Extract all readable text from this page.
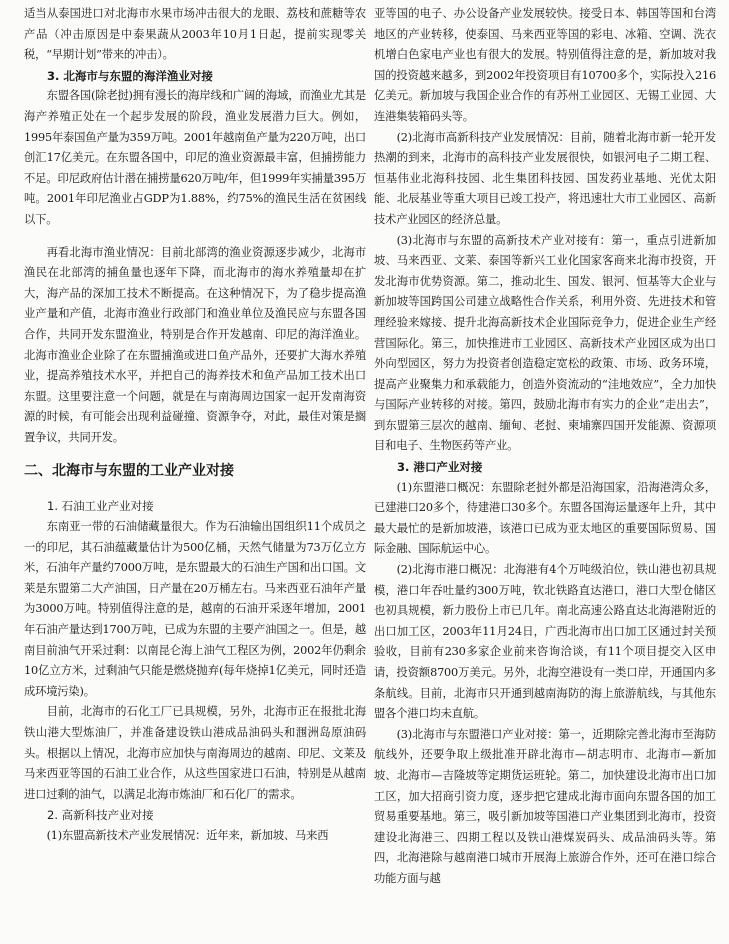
适当从泰国进口对北海市水果市场冲击很大的龙眼、荔枝和蔗糖等农产品（冲击原因是中泰果蔬从2003年10月1日起，提前实现零关税，“早期计划”带来的冲击）。

3. 北海市与东盟的海洋渔业对接

东盟各国(除老挝)拥有漫长的海岸线和广阔的海域，而渔业尤其是海产养殖正处在一个起步发展的阶段，渔业发展潜力巨大。例如，1995年泰国鱼产量为359万吨。2001年越南鱼产量为220万吨，出口创汇17亿美元。在东盟各国中，印尼的渔业资源最丰富，但捕捞能力不足。印尼政府估计潜在捕捞量620万吨/年，但1999年实捕量395万吨。2001年印尼渔业占GDP为1.88%，约75%的渔民生活在贫困线以下。

再看北海市渔业情况：目前北部湾的渔业资源逐步减少，北海市渔民在北部湾的捕鱼量也逐年下降，而北海市的海水养殖量却在扩大，海产品的深加工技术不断提高。在这种情况下，为了稳步提高渔业产量和产值，北海市渔业行政部门和渔业单位及渔民应与东盟各国合作，共同开发东盟渔业，特别是合作开发越南、印尼的海洋渔业。北海市渔业企业除了在东盟捕渔或进口鱼产品外，还要扩大海水养殖业，提高养殖技术水平，并把自己的海养技术和鱼产品加工技术出口东盟。这里要注意一个问题，就是在与南海周边国家一起开发南海资源的时候，有可能会出现利益碰撞、资源争夺，对此，最佳对策是搁置争议，共同开发。

二、北海市与东盟的工业产业对接
1. 石油工业产业对接

东南亚一带的石油储藏量很大。作为石油输出国组织11个成员之一的印尼，其石油蕴藏量估计为500亿桶，天然气储量为73万亿立方米，石油年产量约7000万吨，是东盟最大的石油生产国和出口国。文莱是东盟第二大产油国，日产量在20万桶左右。马来西亚石油年产量为3000万吨。特别值得注意的是，越南的石油开采逐年增加，2001年石油产量达到1700万吨，已成为东盟的主要产油国之一。但是，越南目前油气开采过剩：以南昆仑海上油气工程区为例，2002年仍剩余10亿立方米，过剩油气只能是燃烧抛弃(每年烧掉1亿美元，同时还造成环境污染)。

目前，北海市的石化工厂已具规模，另外，北海市正在报批北海铁山港大型炼油厂，并准备建设铁山港成品油码头和涠洲岛原油码头。根据以上情况，北海市应加快与南海周边的越南、印尼、文莱及马来西亚等国的石油工业合作，从这些国家进口石油，特别是从越南进口过剩的油气，以满足北海市炼油厂和石化厂的需求。

2. 高新科技产业对接

(1)东盟高新技术产业发展情况：近年来，新加坡、马来西

亚等国的电子、办公设备产业发展较快。接受日本、韩国等国和台湾地区的产业转移，使泰国、马来西亚等国的彩电、冰箱、空调、洗衣机增白色家电产业也有很大的发展。特别值得注意的是，新加坡对我国的投资越来越多，到2002年投资项目有10700多个，实际投入216亿美元。新加坡与我国企业合作的有苏州工业园区、无锡工业园、大连港集装箱码头等。

(2)北海市高新科技产业发展情况：目前，随着北海市新一轮开发热潮的到来，北海市的高科技产业发展很快，如银河电子二期工程、恒基伟业北海科技园、北生集团科技园、国发药业基地、光优太阳能、北辰基业等重大项目已竣工投产，将迅速壮大市工业园区、高新技术产业园区的经济总量。

(3)北海市与东盟的高新技术产业对接有：第一，重点引进新加坡、马来西亚、文莱、泰国等新兴工业化国家客商来北海市投资，开发北海市优势资源。第二，推动北生、国发、银河、恒基等大企业与新加坡等国跨国公司建立战略性合作关系，利用外资、先进技术和管理经验来嫁接、提升北海高新技术企业国际竞争力，促进企业生产经营国际化。第三，加快推进市工业园区、高新技术产业园区成为出口外向型园区，努力为投资者创造稳定宽松的政策、市场、政务环境，提高产业聚集力和承载能力，创造外资流动的“洼地效应”，全力加快与国际产业转移的对接。第四，鼓励北海市有实力的企业“走出去”，到东盟第三层次的越南、缅甸、老挝、柬埔寨四国开发能源、资源项目和电子、生物医药等产业。

3. 港口产业对接

(1)东盟港口概况：东盟除老挝外都是沿海国家，沿海港湾众多，已建港口20多个，待建港口30多个。东盟各国海运量逐年上升，其中最大最忙的是新加坡港，该港口已成为亚太地区的重要国际贸易、国际金融、国际航运中心。

(2)北海市港口概况：北海港有4个万吨级泊位，铁山港也初具规模，港口年吞吐量约300万吨，钦北铁路直达港口，港口大型仓储区也初具规模，新力股份上市已几年。南北高速公路直达北海港附近的出口加工区，2003年11月24日，广西北海市出口加工区通过封关预验收，目前有230多家企业前来咨询洽谈，有11个项目提交入区申请，投资额8700万美元。另外，北海空港设有一类口岸，开通国内多条航线。目前，北海市只开通到越南海防的海上旅游航线，与其他东盟各个港口均未直航。

(3)北海市与东盟港口产业对接：第一，近期除完善北海市至海防航线外，还要争取上级批准开辟北海市—胡志明市、北海市—新加坡、北海市—吉隆坡等定期货运班轮。第二，加快建设北海市出口加工区，加大招商引资力度，逐步把它建成北海市面向东盟各国的加工贸易重要基地。第三，吸引新加坡等国港口产业集团到北海市，投资建设北海港三、四期工程以及铁山港煤炭码头、成品油码头等。第四，北海港除与越南港口城市开展海上旅游合作外，还可在港口综合功能方面与越
